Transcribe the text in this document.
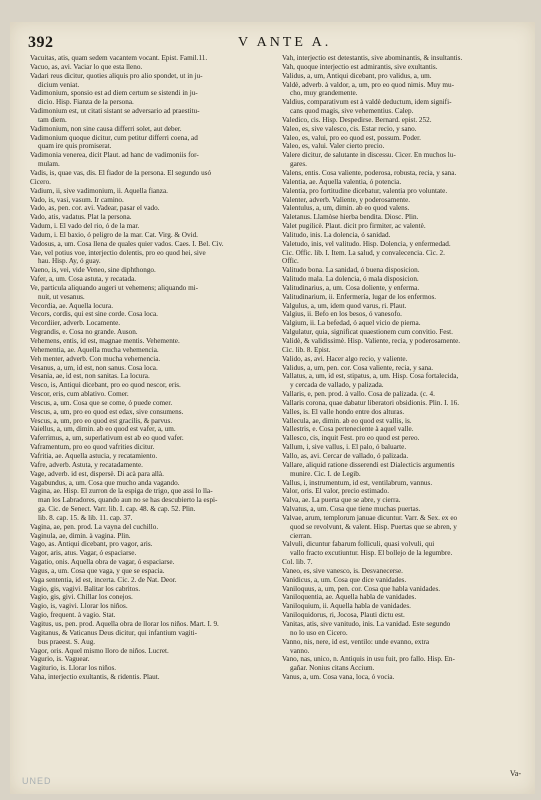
392	V ANTE A.
Vacuitas, atis, quam sedem vacantem vocant. Epist. Famil.11.
Vacuo, as, avi. Vaciar lo que esta lleno.
Vadari reus dicitur, quoties aliquis pro alio spondet, ut in ju-
dicium veniat.
Vadimonium, sponsio est ad diem certum se sistendi in ju-
dicio. Hisp. Fianza de la persona.
Vadimonium est, ut citati sistant se adversario ad praestitu-
tam diem.
Vadimonium, non sine causa differri solet, aut deber.
Vadimonium quoque dicitur, cum petitur differri coena, ad
quam ire quis promiserat.
Vadimonia venerea, dicit Plaut. ad hanc de vadimoniis for-
mulam.
Vadis, is, quae vas, dis. El fiador de la persona. El segundo usó
Cicero.
Vadium, ii, sive vadimonium, ii. Aquella fianza.
Vado, is, vasi, vasum. Ir camino.
Vado, as, pen. cor. avi. Vadear, pasar el vado.
Vado, atis, vadatus. Plat la persona.
Vadum, i. El vado del rio, ó de la mar.
Vadum, i. El baxio, ó peligro de la mar. Cat. Virg. & Ovid.
Vadosus, a, um. Cosa llena de quales quier vados. Caes. I. Bel. Civ.
Vae, vel potius voe, interjectio dolentis, pro eo quod hei, sive
hau. Hisp. Ay, ó guay.
Vaeno, is, vei, vide Veneo, sine diphthongo.
Vafer, a, um. Cosa astuta, y recatada.
Ve, particula aliquando augeri ut vehemens; aliquando mi-
nuit, ut vesanus.
Vecordia, ae. Aquella locura.
Vecors, cordis, qui est sine corde. Cosa loca.
Vecordiier, adverb. Locamente.
Vegrandis, e. Cosa no grande. Auson.
Vehemens, entis, id est, magnae mentis. Vehemente.
Vehementia, ae. Aquella mucha vehemencia.
Veh menter, adverb. Con mucha vehemencia.
Vesanus, a, um, id est, non sanus. Cosa loca.
Vesania, ae, id est, non sanitas. La locura.
Vesco, is, Antiqui dicebant, pro eo quod nescor, eris.
Vescor, eris, cum ablativo. Comer.
Vescus, a, um. Cosa que se come, ó puede comer.
Vescus, a, um, pro eo quod est edax, sive consumens.
Vescus, a, um, pro eo quod est gracilis, & parvus.
Vaiellus, a, um, dimin. ab eo quod est vafer, a, um.
Vaferrimus, a, um, superlativum est ab eo quod vafer.
Vaframentum, pro eo quod vafrities dicitur.
Vafritia, ae. Aquella astucia, y recatamiento.
Vafre, adverb. Astuta, y recatadamente.
Vage, adverb. id est, dispersè. Di acà para allà.
Vagabundus, a, um. Cosa que mucho anda vagando.
Vagina, ae. Hisp. El zurron de la espiga de trigo, que assi lo lla-
man los Labradores, quando aun no se has descubierto la espi-
ga. Cic. de Senect. Varr. lib. I. cap. 48. & cap. 52. Plin.
lib. 8. cap. 15. & lib. 11. cap. 37.
Vagina, ae, pen. prod. La vayna del cuchillo.
Vaginula, ae, dimin. à vagina. Plin.
Vago, as. Antiqui dicebant, pro vagor, aris.
Vagor, aris, atus. Vagar, ó espaciarse.
Vagatio, onis. Aquella obra de vagar, ó espaciarse.
Vagus, a, um. Cosa que vaga, y que se espacia.
Vaga sententia, id est, incerta. Cic. 2. de Nat. Deor.
Vagio, gis, vagivi. Balitar los cabritos.
Vagio, gis, givi. Chillar los conejos.
Vagio, is, vagivi. Llorar los niños.
Vagio, frequent. à vagio. Stat.
Vagitus, us, pen. prod. Aquella obra de llorar los niños. Mart. I. 9.
Vagitanus, & Vaticanus Deus dicitur, qui infantium vagiti-
bus praeest. S. Aug.
Vagor, oris. Aquel mismo lloro de niños. Lucret.
Vagurio, is. Vaguear.
Vagiturio, is. Llorar los niños.
Vaha, interjectio exultantis, & ridentis. Plaut.
Vah, interjectio est detestantis, sive abominantis, & insultantis.
Vah, quoque interjectio est admirantis, sive exultantis.
Validus, a, um, Antiqui dicebant, pro validus, a, um.
Valdè, adverb. à valdor, a, um, pro eo quod nimis. Muy mu-
cho, muy grandemente.
Valdius, comparativum est à valdè deductum, idem signifi-
cans quod magis, sive vehementius. Calep.
Valedico, cis. Hisp. Despedirse. Bernard. epist. 252.
Valeo, es, sive valesco, cis. Estar recio, y sano.
Valeo, es, valui, pro eo quod est, possum. Poder.
Valeo, es, valui. Valer cierto precio.
Valere dicitur, de salutante in discessu. Cicer. En muchos lu-
gares.
Valens, entis. Cosa valiente, poderosa, robusta, recia, y sana.
Valentia, ae. Aquella valentia, ó potencia.
Valentia, pro fortitudine dicebatur, valentia pro voluntate.
Valenter, adverb. Valiente, y poderosamente.
Valentulus, a, um, dimin. ab eo quod valens.
Valetanus. Llamòse hierba bendita. Diosc. Plin.
Valet pugilicè. Plaut. dicit pro firmiter, ac valentè.
Valitudo, inis. La dolencia, ó sanidad.
Valetudo, inis, vel valitudo. Hisp. Dolencia, y enfermedad.
Cic. Offic. lib. I. Item. La salud, y convalecencia. Cic. 2.
Offic.
Valitudo bona. La sanidad, ó buena disposicion.
Valitudo mala. La dolencia, ó mala disposicion.
Valitudinarius, a, um. Cosa doliente, y enferma.
Valitudinarium, ii. Enfermería, lugar de los enfermos.
Valgulus, a, um, idem quod varus, ri. Plaut.
Valgius, ii. Befo en los besos, ó vanesofo.
Valgium, ii. La befedad, ó aquel vicio de pierna.
Valgulatur, quia, significat quaestionem cum convitio. Fest.
Validè, & validissimè. Hisp. Valiente, recia, y poderosamente.
Cic. lib. 8. Epist.
Valido, as, avi. Hacer algo recio, y valiente.
Validus, a, um, pen. cor. Cosa valiente, recia, y sana.
Vallatus, a, um, id est, stipatus, a, um. Hisp. Cosa fortalecida,
y cercada de vallado, y palizada.
Vallaris, e, pen. prod. à vallo. Cosa de palizada. (c. 4.
Vallaris corona, quae dabatur liberatori obsidionis. Plin. I. 16.
Valles, is. El valle hondo entre dos alturas.
Vallecula, ae, dimin. ab eo quod est vallis, is.
Vallestris, e. Cosa perteneciente à aquel valle.
Vallesco, cis, inquit Fest. pro eo quod est pereo.
Vallum, i, sive vallus, i. El palo, ó baluarte.
Vallo, as, avi. Cercar de vallado, ó palizada.
Vallare, aliquid ratione disserendi est Dialecticis argumentis
munire. Cic. I. de Legib.
Vallus, i, instrumentum, id est, ventilabrum, vannus.
Valor, oris. El valor, precio estimado.
Valva, ae. La puerta que se abre, y cierra.
Valvatus, a, um. Cosa que tiene muchas puertas.
Valvae, arum, templorum januae dicuntur. Varr. & Sex. ex eo
quod se revolvunt, & valent. Hisp. Puertas que se abren, y
cierran.
Valvuli, dicuntur fabarum folliculi, quasi volvuli, qui
vallo fracto excutiuntur. Hisp. El bollejo de la legumbre.
Col. lib. 7.
Vaneo, es, sive vanesco, is. Desvanecerse.
Vanidicus, a, um. Cosa que dice vanidades.
Vaniloquus, a, um, pen. cor. Cosa que habla vanidades.
Vaniloquentia, ae. Aquella habla de vanidades.
Vaniloquium, ii. Aquella habla de vanidades.
Vaniloquidorus, ri, Jocosa, Plauti dictu est.
Vanitas, atis, sive vanitudo, inis. La vanidad. Este segundo
no lo uso en Cicero.
Vanno, nis, nere, id est, ventilo: unde evanno, extra
vanno.
Vano, nas, unico, n. Antiquis in usu fuit, pro fallo. Hisp. En-
gañar. Nonius citans Accium.
Vanus, a, um. Cosa vana, loca, ó vocia.
Va-
UNED
